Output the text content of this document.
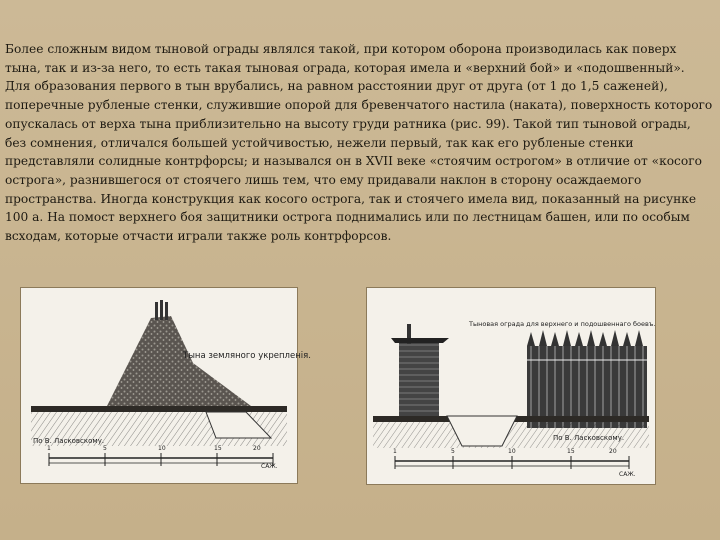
Более сложным видом тыновой ограды являлся такой, при котором оборона производилась как поверх тына, так и из-за него, то есть такая тыновая ограда, которая имела и «верхний бой» и «подошвенный». Для образования первого в тын врубались, на равном расстоянии друг от друга (от 1 до 1,5 саженей), поперечные рубленые стенки, служившие опорой для бревенчатого настила (наката), поверхность которого опускалась от верха тына приблизительно на высоту груди ратника (рис. 99). Такой тип тыновой ограды, без сомнения, отличался большей устойчивостью, нежели первый, так как его рубленые стенки представляли солидные контрфорсы; и назывался он в XVII веке «стоячим острогом» в отличие от «косого острога», разнившегося от стоячего лишь тем, что ему придавали наклон в сторону осаждаемого пространства. Иногда конструкция как косого острога, так и стоячего имела вид, показанный на рисунке 100 а. На помост верхнего боя защитники острога поднимались или по лестницам башен, или по особым всходам, которые отчасти играли также роль контрфорсов.

Тына земляного укрепленія.
По В. Ласковскому.
1	5	10	15	20
САЖ.
Тыновая ограда для верхнего и подошвеннаго боевъ.
По В. Ласковскому.
1	5	10	15	20
САЖ.
